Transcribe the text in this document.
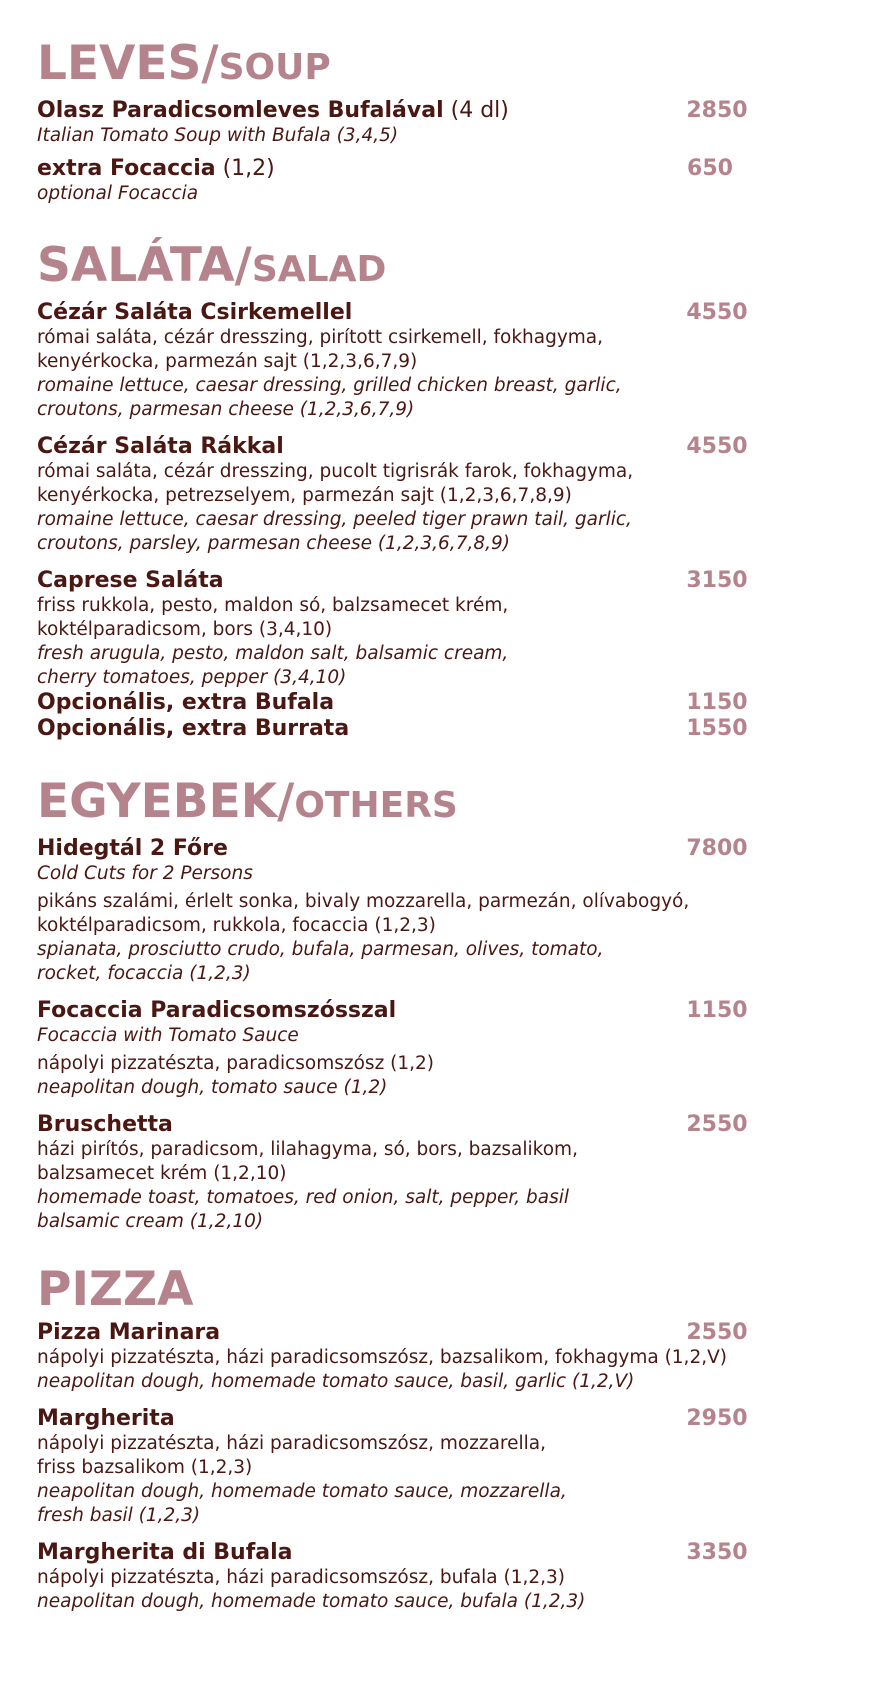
LEVES/SOUP
Olasz Paradicsomleves Bufalával (4 dl)
Italian Tomato Soup with Bufala (3,4,5)
2850
extra Focaccia (1,2)
optional Focaccia
650
SALÁTA/SALAD
Cézár Saláta Csirkemellel
római saláta, cézár dresszing, pirított csirkemell, fokhagyma,
kenyérkocka, parmezán sajt (1,2,3,6,7,9)
romaine lettuce, caesar dressing, grilled chicken breast, garlic,
croutons, parmesan cheese (1,2,3,6,7,9)
4550
Cézár Saláta Rákkal
római saláta, cézár dresszing, pucolt tigrisrák farok, fokhagyma,
kenyérkocka, petrezselyem, parmezán sajt (1,2,3,6,7,8,9)
romaine lettuce, caesar dressing, peeled tiger prawn tail, garlic,
croutons, parsley, parmesan cheese (1,2,3,6,7,8,9)
4550
Caprese Saláta
friss rukkola, pesto, maldon só, balzsamecet krém,
koktélparadicsom, bors (3,4,10)
fresh arugula, pesto, maldon salt, balsamic cream,
cherry tomatoes, pepper (3,4,10)
3150
Opcionális, extra Bufala	1150
Opcionális, extra Burrata	1550
EGYEBEK/OTHERS
Hidegtál 2 Főre
Cold Cuts for 2 Persons
pikáns szalámi, érlelt sonka, bivaly mozzarella, parmezán, olívabogyó,
koktélparadicsom, rukkola, focaccia (1,2,3)
spianata, prosciutto crudo, bufala, parmesan, olives, tomato,
rocket, focaccia (1,2,3)
7800
Focaccia Paradicsomszósszal
Focaccia with Tomato Sauce
nápolyi pizzatészta, paradicsomszósz (1,2)
neapolitan dough, tomato sauce (1,2)
1150
Bruschetta
házi pirítós, paradicsom, lilahagyma, só, bors, bazsalikom,
balzsamecet krém (1,2,10)
homemade toast, tomatoes, red onion, salt, pepper, basil
balsamic cream (1,2,10)
2550
PIZZA
Pizza Marinara
nápolyi pizzatészta, házi paradicsomszósz, bazsalikom, fokhagyma (1,2,V)
neapolitan dough, homemade tomato sauce, basil, garlic (1,2,V)
2550
Margherita
nápolyi pizzatészta, házi paradicsomszósz, mozzarella,
friss bazsalikom (1,2,3)
neapolitan dough, homemade tomato sauce, mozzarella,
fresh basil (1,2,3)
2950
Margherita di Bufala
nápolyi pizzatészta, házi paradicsomszósz, bufala (1,2,3)
neapolitan dough, homemade tomato sauce, bufala (1,2,3)
3350
